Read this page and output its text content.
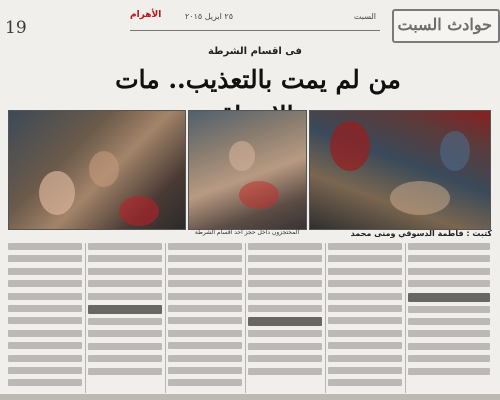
19
الأهرام	٢٥ ابريل ٢٠١٥	السبت حوادث السبت
فى اقسام الشرطة
من لم يمت بالتعذيب.. مات
المحتجزون داخل حجز احد اقسام الشرطة	كتبت : فاطمة الدسوقي ومنى محمد
